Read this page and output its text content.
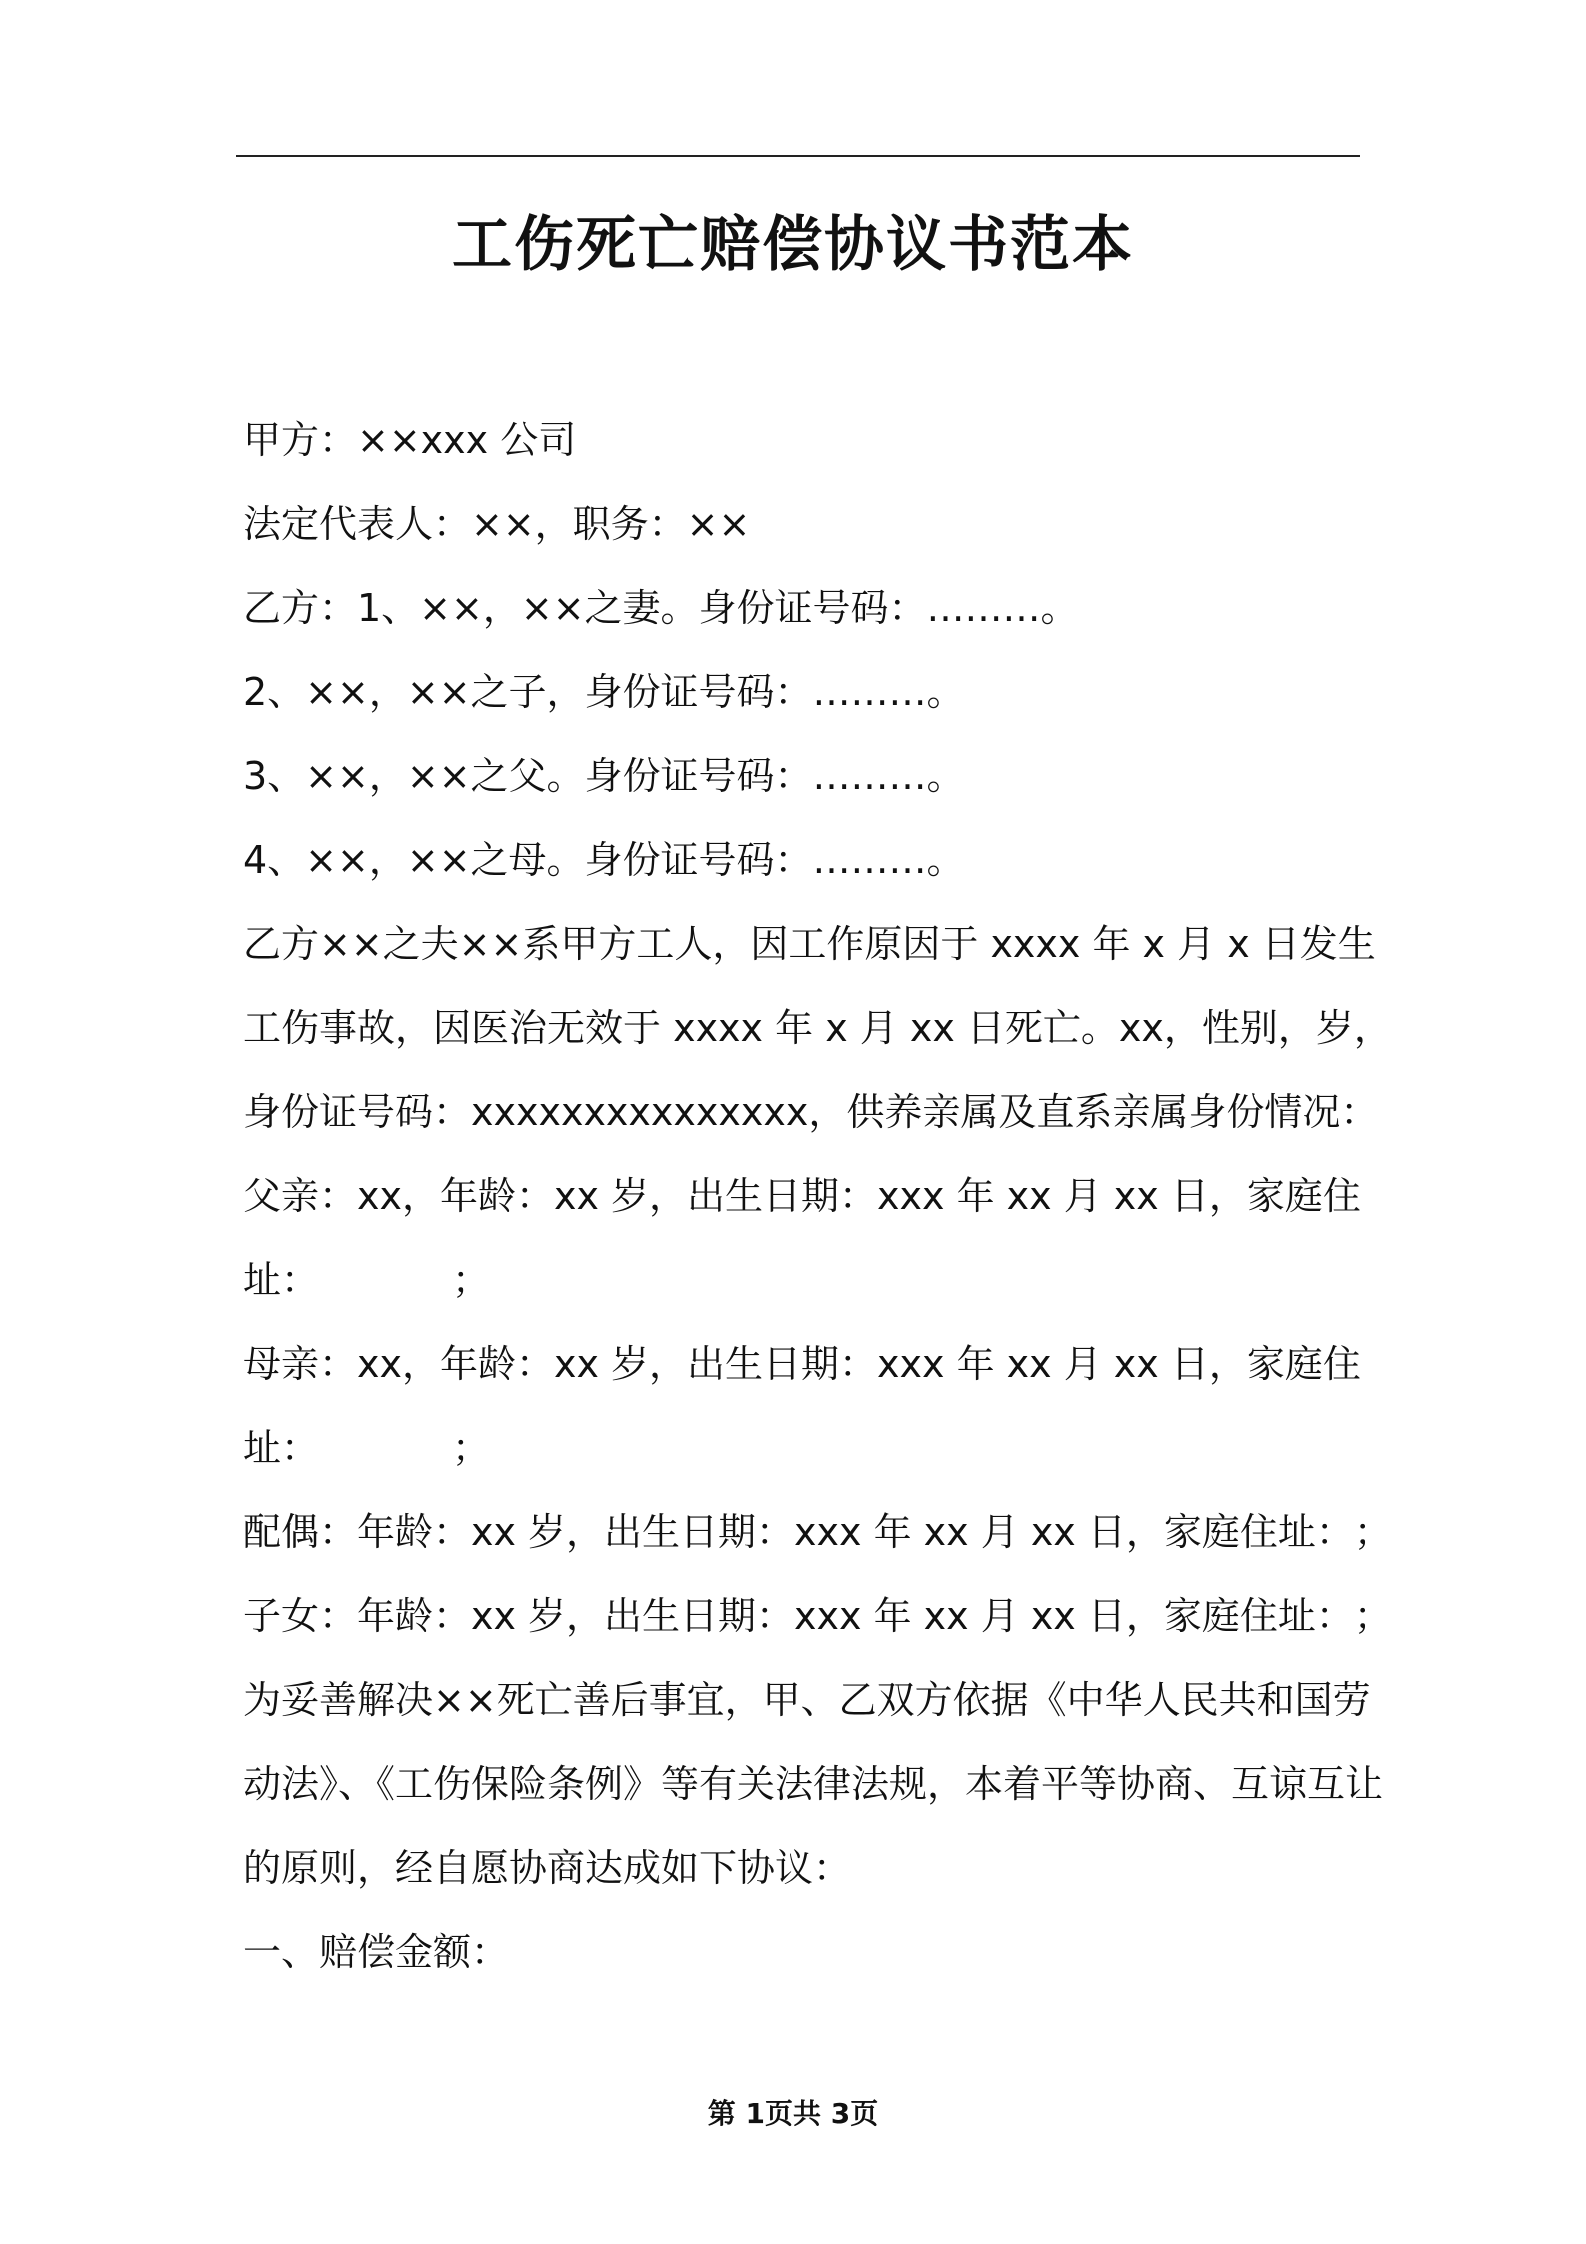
工伤死亡赔偿协议书范本
甲方：××xxx 公司
法定代表人：××，职务：××
乙方：1、××，××之妻。身份证号码：………。
2、××，××之子，身份证号码：………。
3、××，××之父。身份证号码：………。
4、××，××之母。身份证号码：………。
乙方××之夫××系甲方工人，因工作原因于 xxxx 年 x 月 x 日发生
工伤事故，因医治无效于 xxxx 年 x 月 xx 日死亡。xx，性别，岁，
身份证号码：xxxxxxxxxxxxxxx，供养亲属及直系亲属身份情况：
父亲：xx，年龄：xx 岁，出生日期：xxx 年 xx 月 xx 日，家庭住
址：　　　　；
母亲：xx，年龄：xx 岁，出生日期：xxx 年 xx 月 xx 日，家庭住
址：　　　　；
配偶：年龄：xx 岁，出生日期：xxx 年 xx 月 xx 日，家庭住址： ；
子女：年龄：xx 岁，出生日期：xxx 年 xx 月 xx 日，家庭住址： ；
为妥善解决××死亡善后事宜，甲、乙双方依据《中华人民共和国劳
动法》、《工伤保险条例》等有关法律法规，本着平等协商、互谅互让
的原则，经自愿协商达成如下协议：
一、赔偿金额：
第 1页共 3页
